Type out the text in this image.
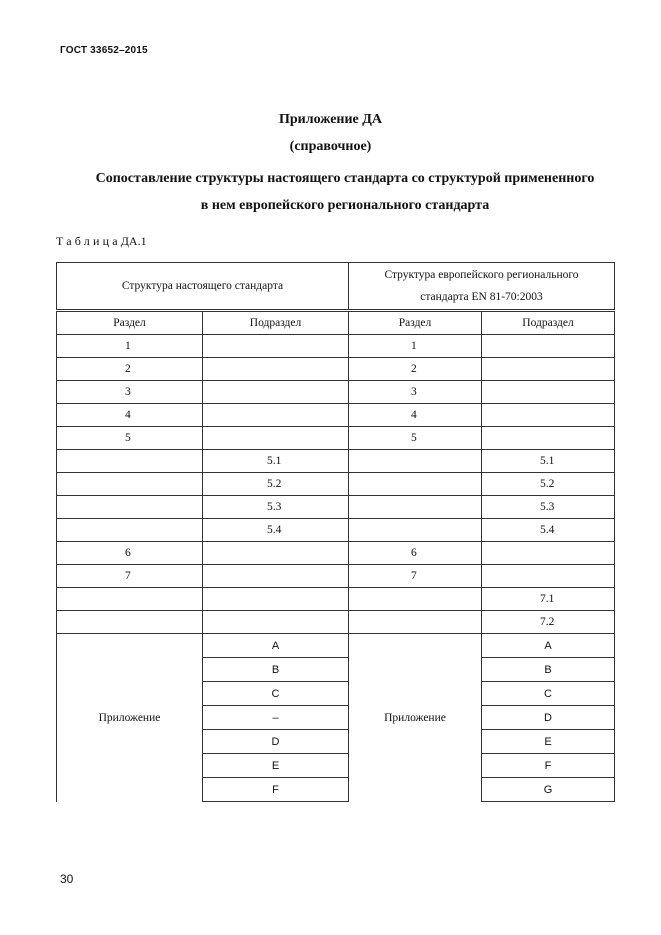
ГОСТ 33652–2015
Приложение ДА
(справочное)
Сопоставление структуры настоящего стандарта со структурой примененного
в нем европейского регионального стандарта
ТаблицаДА.1
Структура настоящего стандарта		Структура европейского регионального
стандарта EN 81-70:2003	

Раздел	Подраздел	Раздел	Подраздел
1		1	
2		2	
3		3	
4		4	
5		5	
	5.1		5.1
	5.2		5.2
	5.3		5.3
	5.4		5.4
6		6	
7		7	
			7.1
			7.2
Приложение	A	Приложение	A
	B		B
	C		C
	–		D
	D		E
	E		F
	F		G
30
